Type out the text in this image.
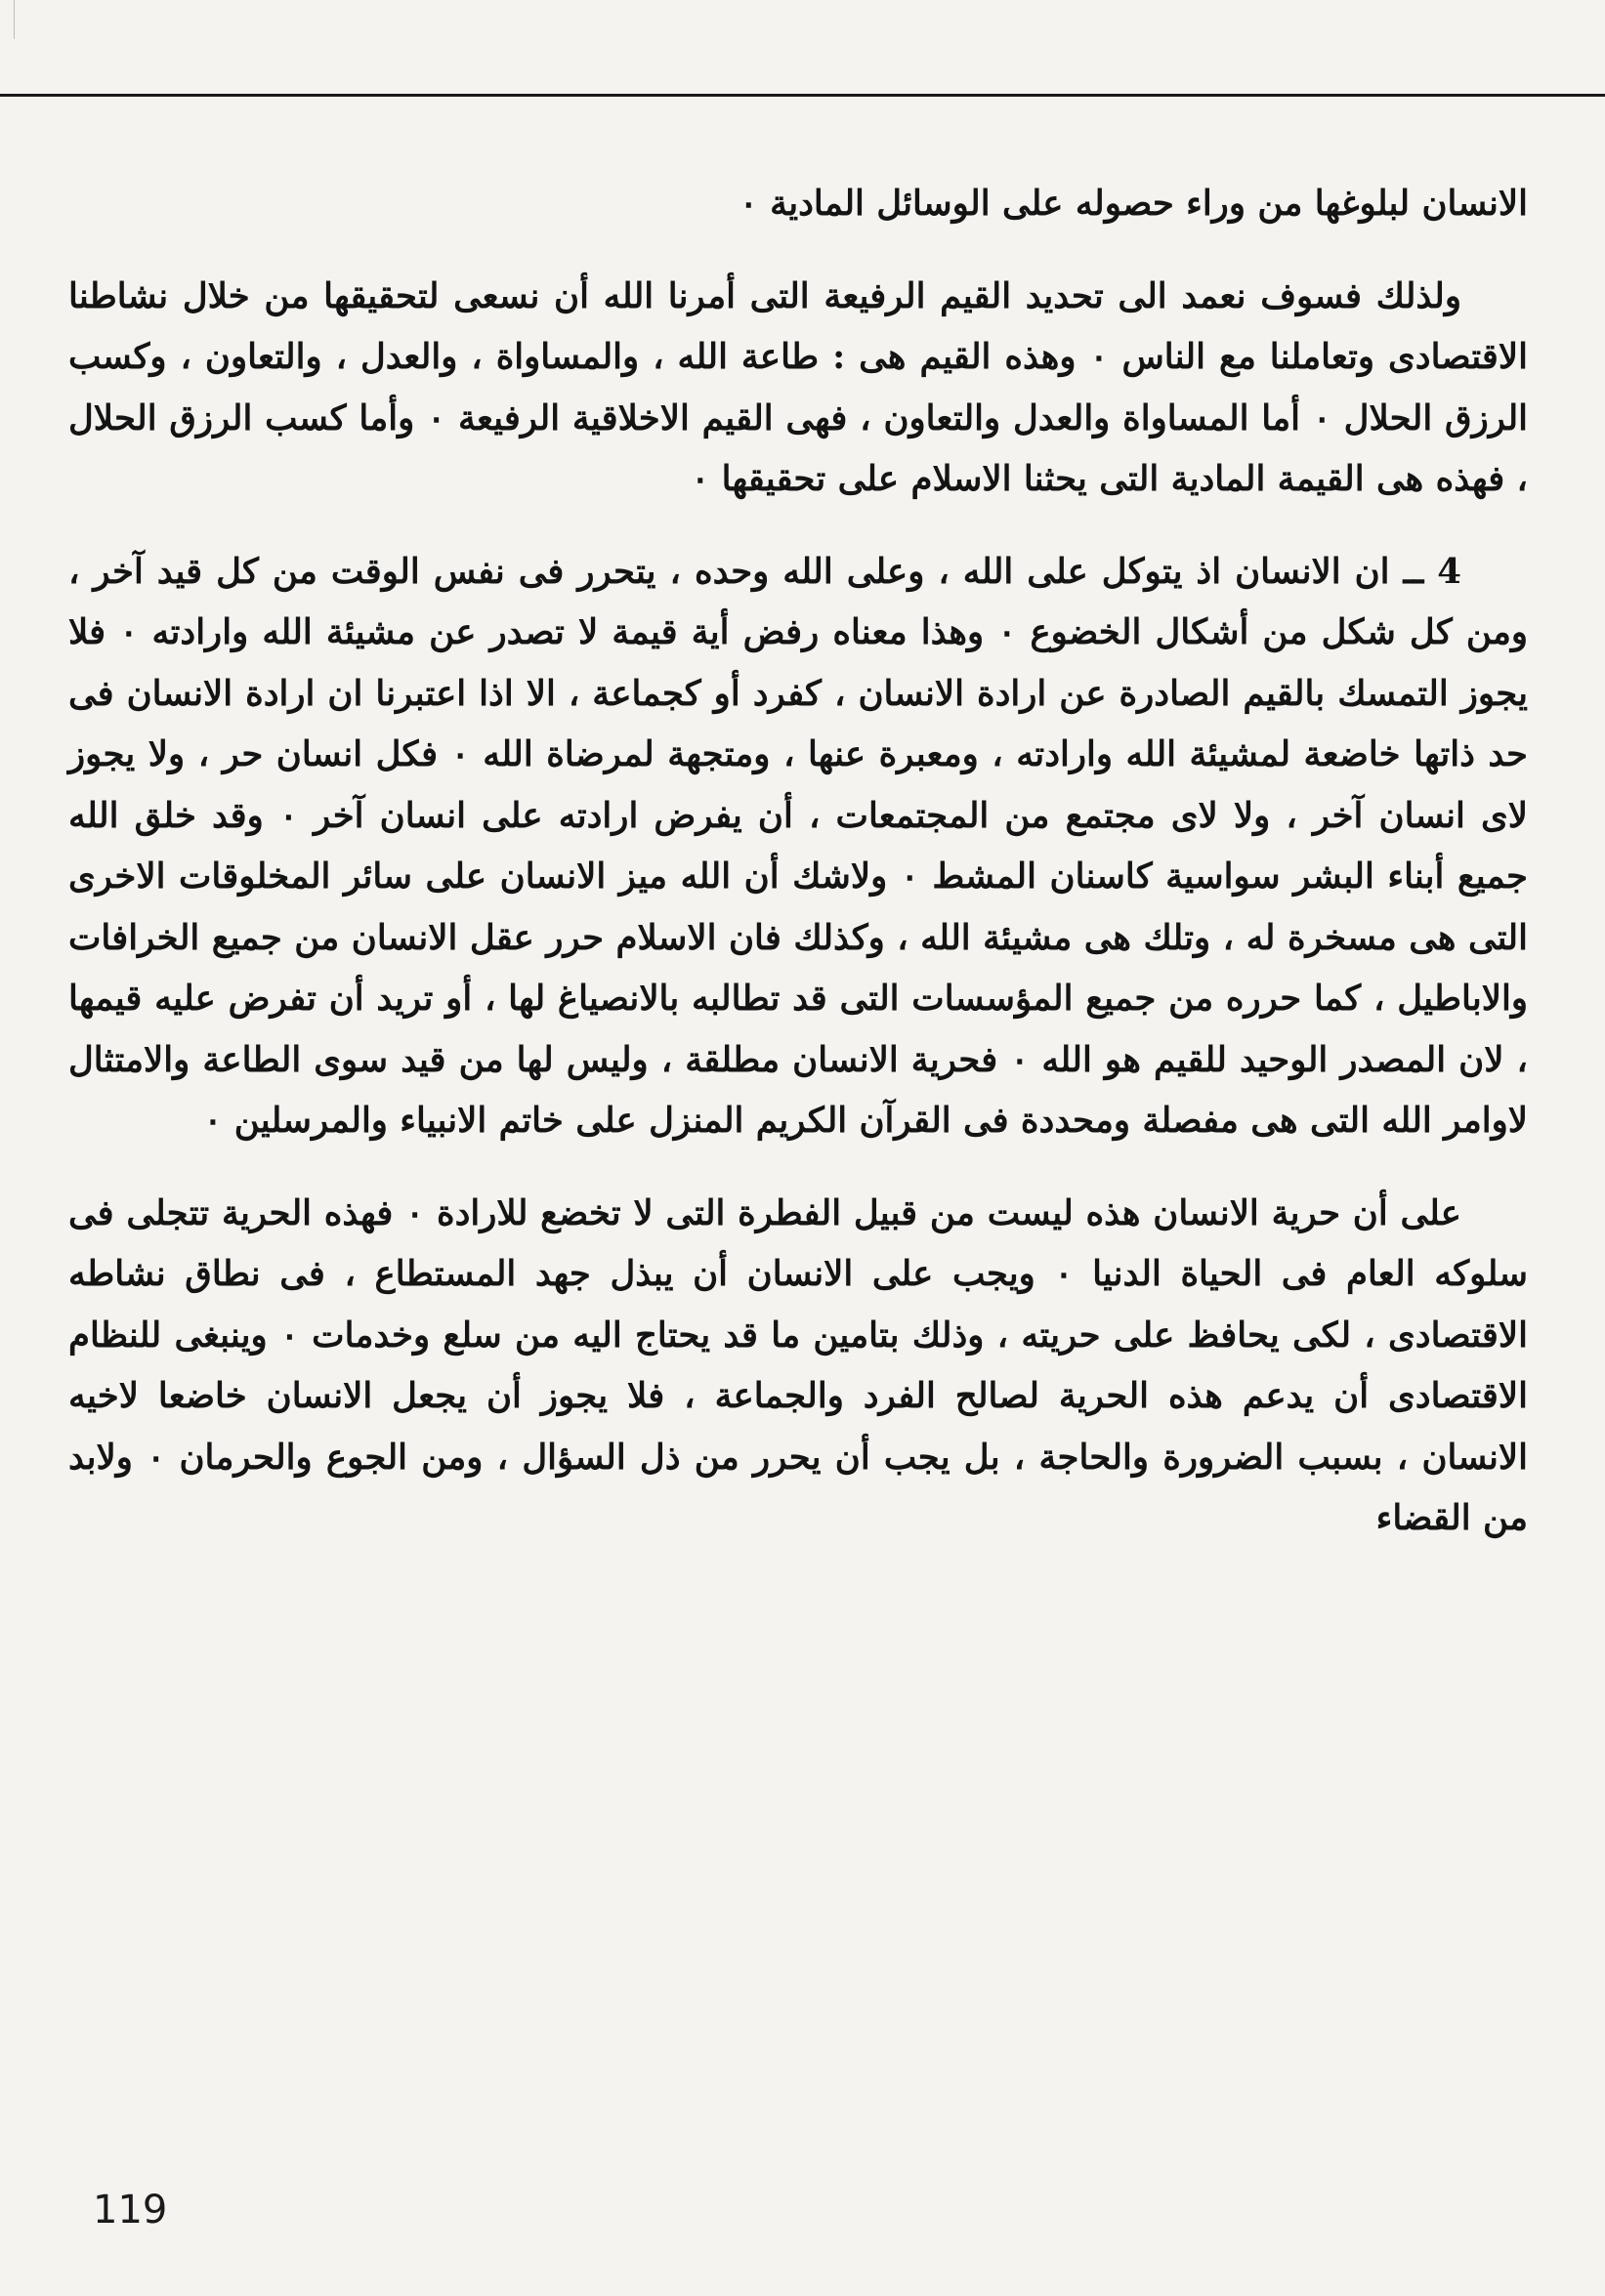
الانسان لبلوغها من وراء حصوله على الوسائل المادية ٠

ولذلك فسوف نعمد الى تحديد القيم الرفيعة التى أمرنا الله أن نسعى لتحقيقها من خلال نشاطنا الاقتصادى وتعاملنا مع الناس ٠ وهذه القيم هى : طاعة الله ، والمساواة ، والعدل ، والتعاون ، وكسب الرزق الحلال ٠ أما المساواة والعدل والتعاون ، فهى القيم الاخلاقية الرفيعة ٠ وأما كسب الرزق الحلال ، فهذه هى القيمة المادية التى يحثنا الاسلام على تحقيقها ٠

4 ــ ان الانسان اذ يتوكل على الله ، وعلى الله وحده ، يتحرر فى نفس الوقت من كل قيد آخر ، ومن كل شكل من أشكال الخضوع ٠ وهذا معناه رفض أية قيمة لا تصدر عن مشيئة الله وارادته ٠ فلا يجوز التمسك بالقيم الصادرة عن ارادة الانسان ، كفرد أو كجماعة ، الا اذا اعتبرنا ان ارادة الانسان فى حد ذاتها خاضعة لمشيئة الله وارادته ، ومعبرة عنها ، ومتجهة لمرضاة الله ٠ فكل انسان حر ، ولا يجوز لاى انسان آخر ، ولا لاى مجتمع من المجتمعات ، أن يفرض ارادته على انسان آخر ٠ وقد خلق الله جميع أبناء البشر سواسية كاسنان المشط ٠ ولاشك أن الله ميز الانسان على سائر المخلوقات الاخرى التى هى مسخرة له ، وتلك هى مشيئة الله ، وكذلك فان الاسلام حرر عقل الانسان من جميع الخرافات والاباطيل ، كما حرره من جميع المؤسسات التى قد تطالبه بالانصياغ لها ، أو تريد أن تفرض عليه قيمها ، لان المصدر الوحيد للقيم هو الله ٠ فحرية الانسان مطلقة ، وليس لها من قيد سوى الطاعة والامتثال لاوامر الله التى هى مفصلة ومحددة فى القرآن الكريم المنزل على خاتم الانبياء والمرسلين ٠

على أن حرية الانسان هذه ليست من قبيل الفطرة التى لا تخضع للارادة ٠ فهذه الحرية تتجلى فى سلوكه العام فى الحياة الدنيا ٠ ويجب على الانسان أن يبذل جهد المستطاع ، فى نطاق نشاطه الاقتصادى ، لكى يحافظ على حريته ، وذلك بتامين ما قد يحتاج اليه من سلع وخدمات ٠ وينبغى للنظام الاقتصادى أن يدعم هذه الحرية لصالح الفرد والجماعة ، فلا يجوز أن يجعل الانسان خاضعا لاخيه الانسان ، بسبب الضرورة والحاجة ، بل يجب أن يحرر من ذل السؤال ، ومن الجوع والحرمان ٠ ولابد من القضاء

119
